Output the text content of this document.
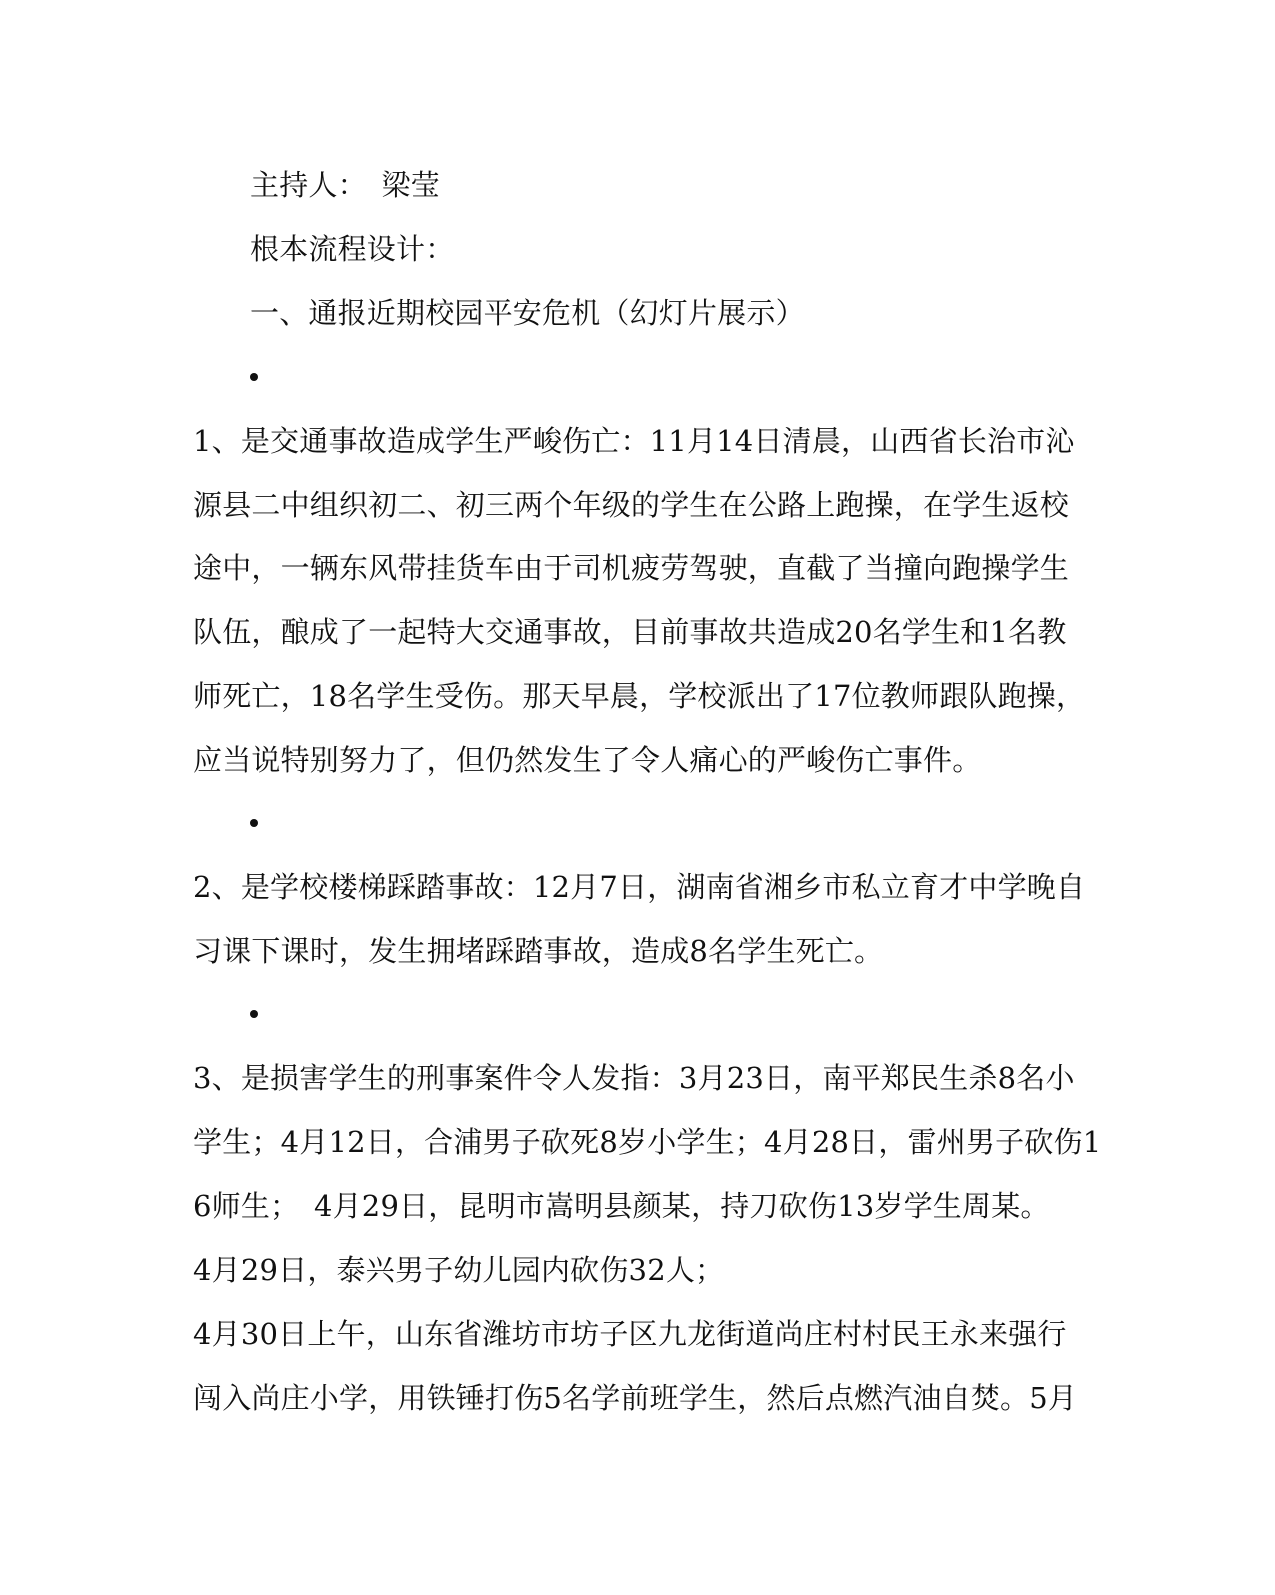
主持人：　梁莹
根本流程设计：
一、通报近期校园平安危机（幻灯片展示）
1、是交通事故造成学生严峻伤亡：11月14日清晨，山西省长治市沁
源县二中组织初二、初三两个年级的学生在公路上跑操，在学生返校
途中，一辆东风带挂货车由于司机疲劳驾驶，直截了当撞向跑操学生
队伍，酿成了一起特大交通事故，目前事故共造成20名学生和1名教
师死亡，18名学生受伤。那天早晨，学校派出了17位教师跟队跑操，
应当说特别努力了，但仍然发生了令人痛心的严峻伤亡事件。
2、是学校楼梯踩踏事故：12月7日，湖南省湘乡市私立育才中学晚自
习课下课时，发生拥堵踩踏事故，造成8名学生死亡。
3、是损害学生的刑事案件令人发指：3月23日，南平郑民生杀8名小
学生；4月12日，合浦男子砍死8岁小学生；4月28日，雷州男子砍伤1
6师生；　4月29日，昆明市嵩明县颜某，持刀砍伤13岁学生周某。
4月29日，泰兴男子幼儿园内砍伤32人；
4月30日上午，山东省潍坊市坊子区九龙街道尚庄村村民王永来强行
闯入尚庄小学，用铁锤打伤5名学前班学生，然后点燃汽油自焚。5月
